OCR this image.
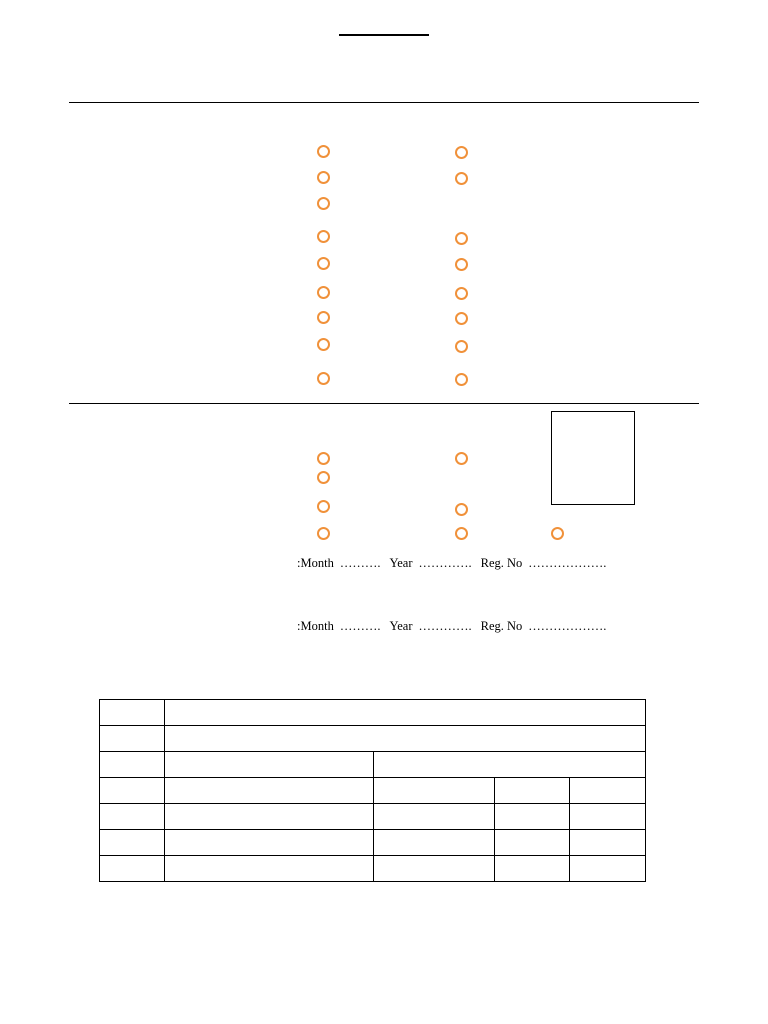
:Month ………. Year …………. Reg. No ……………….
:Month ………. Year …………. Reg. No ……………….
